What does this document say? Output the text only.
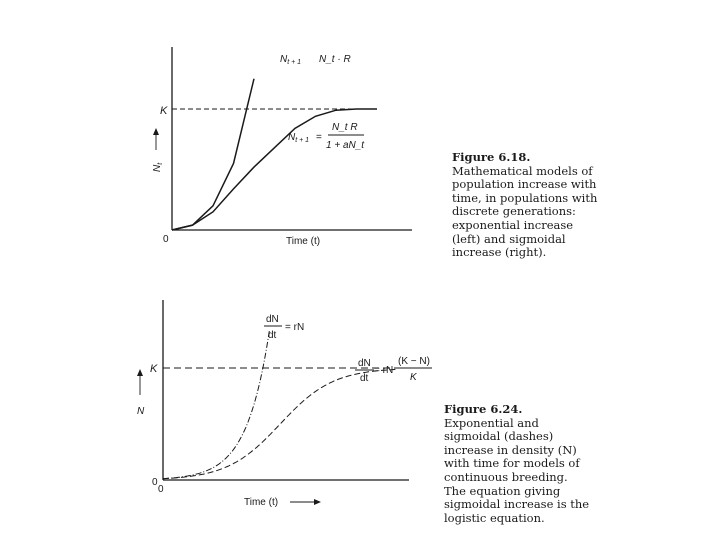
K
$N_t$
0	Time (t)
$N_{t + 1}$ N_t · R
$N_{t + 1}$ =
N_t R
1 + aN_t

Figure 6.18. Mathematical models of population increase with time, in populations with discrete generations: exponential increase (left) and sigmoidal increase (right).

K
N
0
0
Time (t)
dN
dt
= rN
dN
dt
= rN
(K − N)
K

Figure 6.24. Exponential and sigmoidal (dashes) increase in density (N) with time for models of continuous breeding. The equation giving sigmoidal increase is the logistic equation.
